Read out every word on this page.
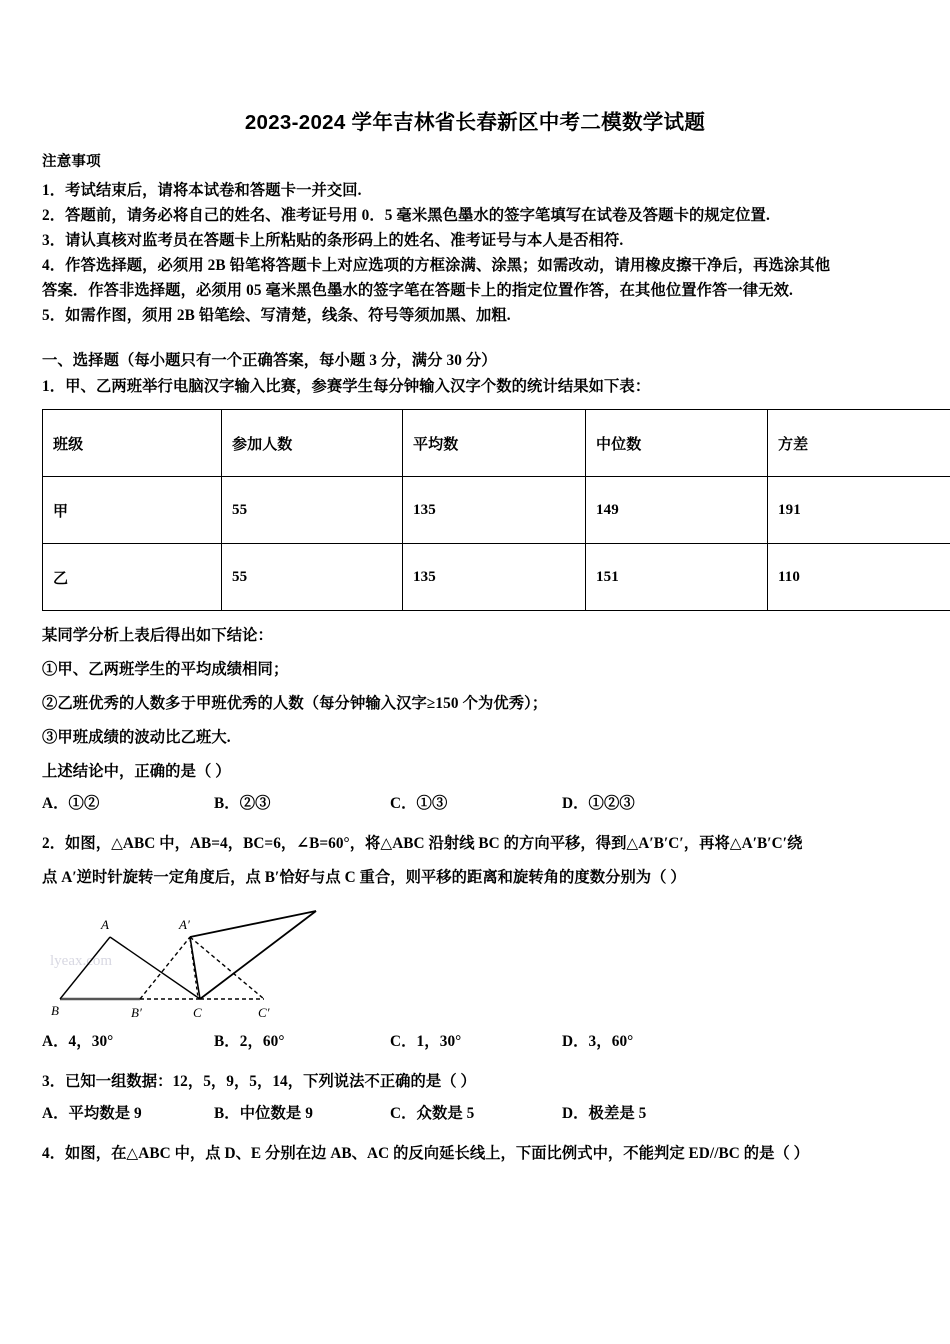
2023-2024 学年吉林省长春新区中考二模数学试题

注意事项

1．考试结束后，请将本试卷和答题卡一并交回.

2．答题前，请务必将自己的姓名、准考证号用 0．5 毫米黑色墨水的签字笔填写在试卷及答题卡的规定位置.

3．请认真核对监考员在答题卡上所粘贴的条形码上的姓名、准考证号与本人是否相符.

4．作答选择题，必须用 2B 铅笔将答题卡上对应选项的方框涂满、涂黑；如需改动，请用橡皮擦干净后，再选涂其他

答案．作答非选择题，必须用 05 毫米黑色墨水的签字笔在答题卡上的指定位置作答，在其他位置作答一律无效.

5．如需作图，须用 2B 铅笔绘、写清楚，线条、符号等须加黑、加粗.

一、选择题（每小题只有一个正确答案，每小题 3 分，满分 30 分）

1．甲、乙两班举行电脑汉字输入比赛，参赛学生每分钟输入汉字个数的统计结果如下表：

班级	参加人数	平均数	中位数	方差
甲	55	135	149	191
乙	55	135	151	110

某同学分析上表后得出如下结论：

①甲、乙两班学生的平均成绩相同；

②乙班优秀的人数多于甲班优秀的人数（每分钟输入汉字≥150 个为优秀）；

③甲班成绩的波动比乙班大.

上述结论中，正确的是（ ）

A．①②	B．②③	C．①③	D．①②③

2．如图，△ABC 中，AB=4，BC=6，∠B=60°，将△ABC 沿射线 BC 的方向平移，得到△A′B′C′，再将△A′B′C′绕

点 A′逆时针旋转一定角度后，点 B′恰好与点 C 重合，则平移的距离和旋转角的度数分别为（ ）

lyeax.com
A	A′
B	B′	C	C′
A．4，30°	B．2，60°	C．1，30°	D．3，60°

3．已知一组数据：12，5，9，5，14，下列说法不正确的是（ ）

A．平均数是 9	B．中位数是 9	C．众数是 5	D．极差是 5

4．如图，在△ABC 中，点 D、E 分别在边 AB、AC 的反向延长线上，下面比例式中，不能判定 ED//BC 的是（ ）
